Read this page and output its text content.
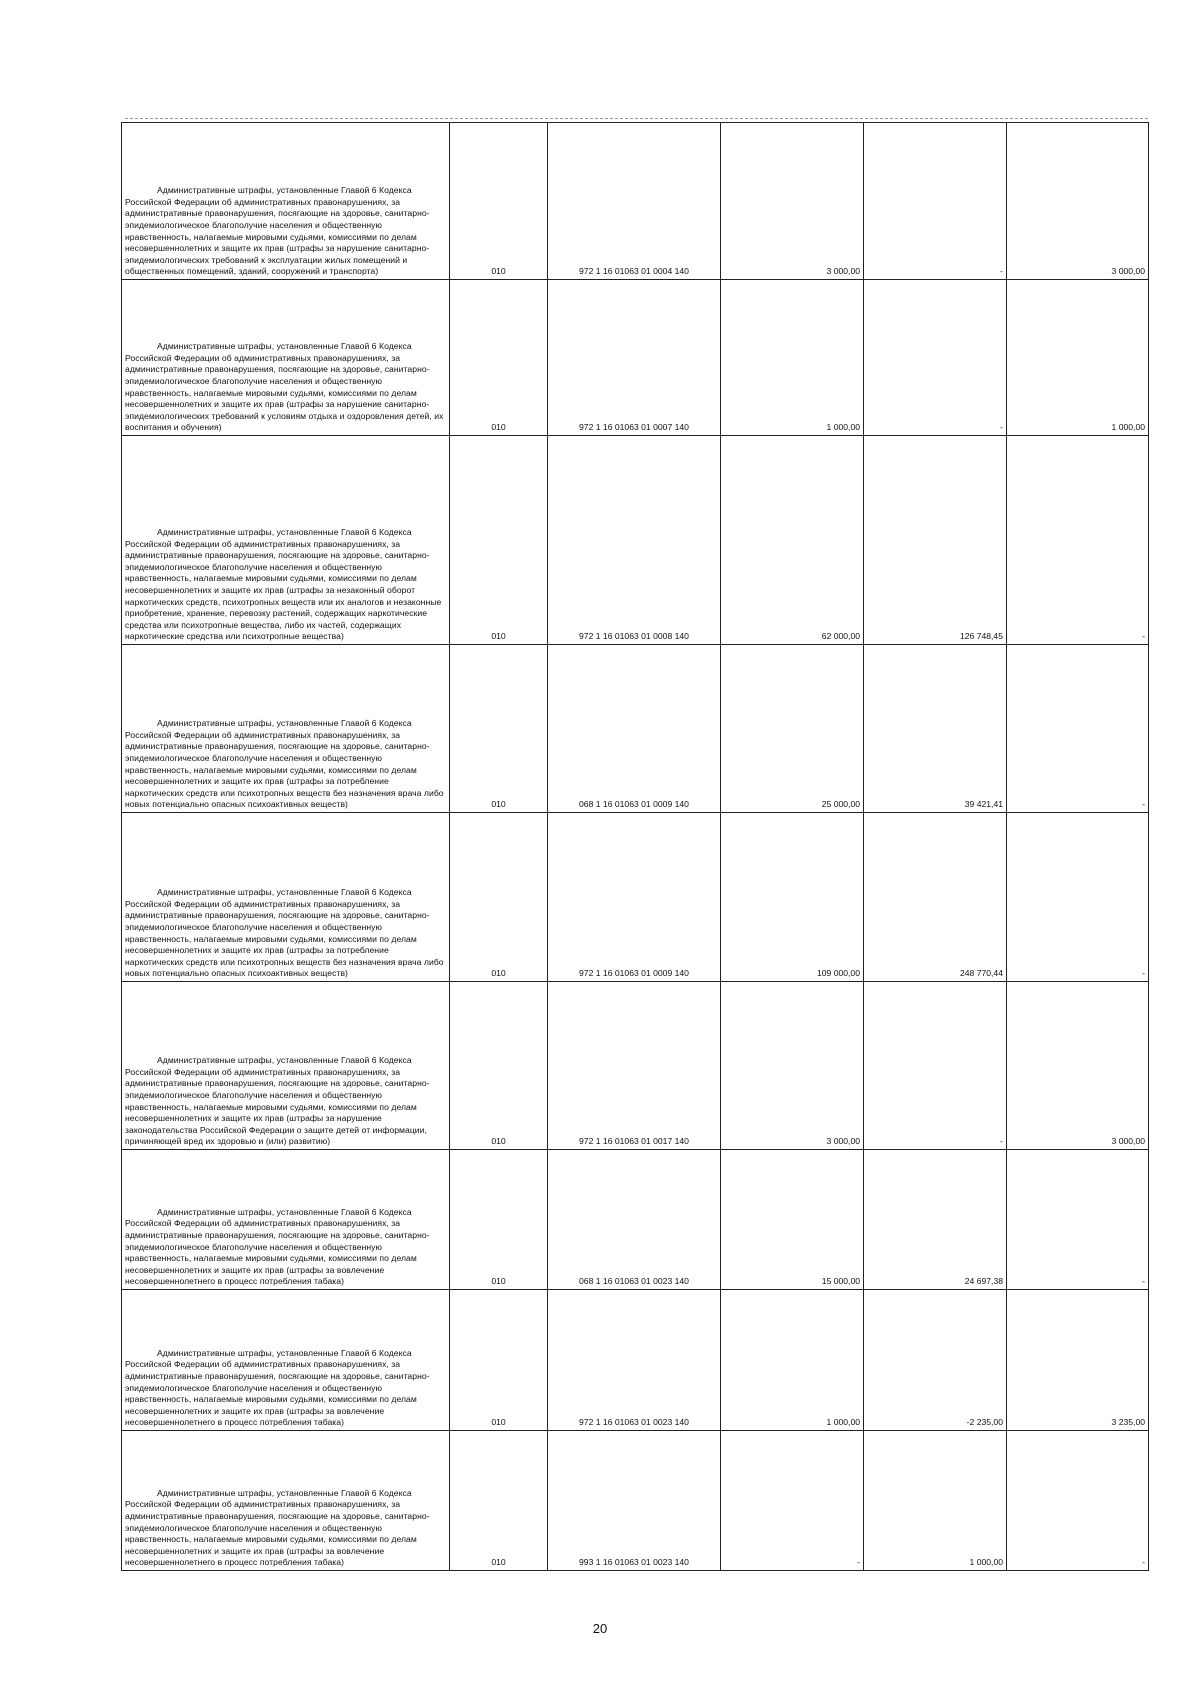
Административные штрафы, установленные Главой 6 Кодекса Российской Федерации об административных правонарушениях, за административные правонарушения, посягающие на здоровье, санитарно-эпидемиологическое благополучие населения и общественную нравственность, налагаемые мировыми судьями, комиссиями по делам несовершеннолетних и защите их прав (штрафы за нарушение санитарно-эпидемиологических требований к эксплуатации жилых помещений и общественных помещений, зданий, сооружений и транспорта)	010	972 1 16 01063 01 0004 140	3 000,00	-	3 000,00

Административные штрафы, установленные Главой 6 Кодекса Российской Федерации об административных правонарушениях, за административные правонарушения, посягающие на здоровье, санитарно-эпидемиологическое благополучие населения и общественную нравственность, налагаемые мировыми судьями, комиссиями по делам несовершеннолетних и защите их прав (штрафы за нарушение санитарно-эпидемиологических требований к условиям отдыха и оздоровления детей, их воспитания и обучения)	010	972 1 16 01063 01 0007 140	1 000,00	-	1 000,00

Административные штрафы, установленные Главой 6 Кодекса Российской Федерации об административных правонарушениях, за административные правонарушения, посягающие на здоровье, санитарно-эпидемиологическое благополучие населения и общественную нравственность, налагаемые мировыми судьями, комиссиями по делам несовершеннолетних и защите их прав (штрафы за незаконный оборот наркотических средств, психотропных веществ или их аналогов и незаконные приобретение, хранение, перевозку растений, содержащих наркотические средства или психотропные вещества, либо их частей, содержащих наркотические средства или психотропные вещества)	010	972 1 16 01063 01 0008 140	62 000,00	126 748,45	-

Административные штрафы, установленные Главой 6 Кодекса Российской Федерации об административных правонарушениях, за административные правонарушения, посягающие на здоровье, санитарно-эпидемиологическое благополучие населения и общественную нравственность, налагаемые мировыми судьями, комиссиями по делам несовершеннолетних и защите их прав (штрафы за потребление наркотических средств или психотропных веществ без назначения врача либо новых потенциально опасных психоактивных веществ)	010	068 1 16 01063 01 0009 140	25 000,00	39 421,41	-

Административные штрафы, установленные Главой 6 Кодекса Российской Федерации об административных правонарушениях, за административные правонарушения, посягающие на здоровье, санитарно-эпидемиологическое благополучие населения и общественную нравственность, налагаемые мировыми судьями, комиссиями по делам несовершеннолетних и защите их прав (штрафы за потребление наркотических средств или психотропных веществ без назначения врача либо новых потенциально опасных психоактивных веществ)	010	972 1 16 01063 01 0009 140	109 000,00	248 770,44	-

Административные штрафы, установленные Главой 6 Кодекса Российской Федерации об административных правонарушениях, за административные правонарушения, посягающие на здоровье, санитарно-эпидемиологическое благополучие населения и общественную нравственность, налагаемые мировыми судьями, комиссиями по делам несовершеннолетних и защите их прав (штрафы за нарушение законодательства Российской Федерации о защите детей от информации, причиняющей вред их здоровью и (или) развитию)	010	972 1 16 01063 01 0017 140	3 000,00	-	3 000,00

Административные штрафы, установленные Главой 6 Кодекса Российской Федерации об административных правонарушениях, за административные правонарушения, посягающие на здоровье, санитарно-эпидемиологическое благополучие населения и общественную нравственность, налагаемые мировыми судьями, комиссиями по делам несовершеннолетних и защите их прав (штрафы за вовлечение несовершеннолетнего в процесс потребления табака)	010	068 1 16 01063 01 0023 140	15 000,00	24 697,38	-

Административные штрафы, установленные Главой 6 Кодекса Российской Федерации об административных правонарушениях, за административные правонарушения, посягающие на здоровье, санитарно-эпидемиологическое благополучие населения и общественную нравственность, налагаемые мировыми судьями, комиссиями по делам несовершеннолетних и защите их прав (штрафы за вовлечение несовершеннолетнего в процесс потребления табака)	010	972 1 16 01063 01 0023 140	1 000,00	-2 235,00	3 235,00

Административные штрафы, установленные Главой 6 Кодекса Российской Федерации об административных правонарушениях, за административные правонарушения, посягающие на здоровье, санитарно-эпидемиологическое благополучие населения и общественную нравственность, налагаемые мировыми судьями, комиссиями по делам несовершеннолетних и защите их прав (штрафы за вовлечение несовершеннолетнего в процесс потребления табака)	010	993 1 16 01063 01 0023 140	-	1 000,00	-
20
